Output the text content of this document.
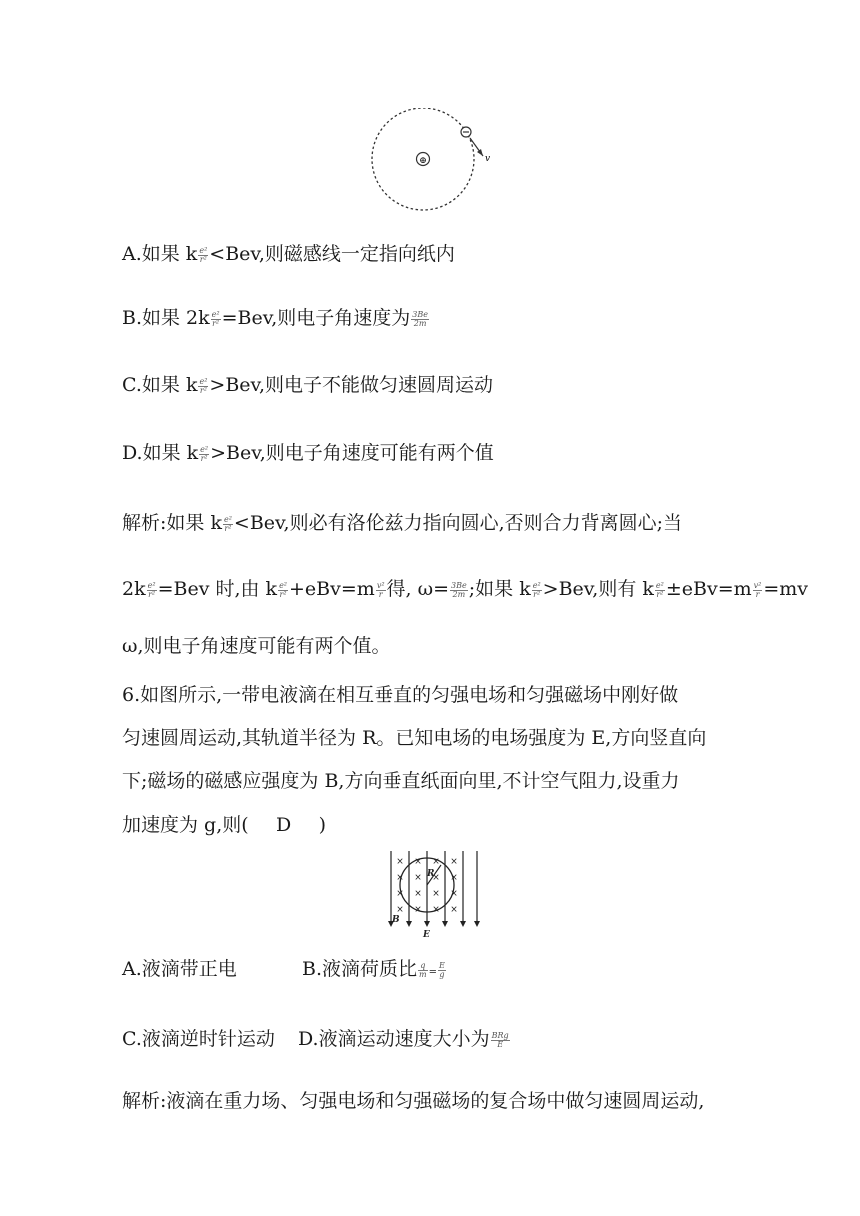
⊕	v
A.如果 k $\frac{\text{e²}}{\text{r²}} <Bev$,则磁感线一定指向纸内
B.如果 $2k \frac{\text{e²}}{\text{r²}} =Bev$,则电子角速度为 $\frac{3Be}{2m}$
C.如果 k $\frac{\text{e²}}{\text{r²}} >Bev$,则电子不能做匀速圆周运动
D.如果 k $\frac{\text{e²}}{\text{r²}} >Bev$,则电子角速度可能有两个值
解析:如果 k $\frac{\text{e²}}{\text{r²}} <Bev$,则必有洛伦兹力指向圆心,否则合力背离圆心;当
$2k \frac{\text{e²}}{\text{r²}} =Bev$ 时,由 k $\frac{\text{e²}}{\text{r²}} +eBv=m \frac{\text{v²}}{r}$ 得, $\omega= \frac{3Be}{2m}$ ;如果 k $\frac{\text{e²}}{\text{r²}} >Bev$,则有 k $\frac{\text{e²}}{\text{r²}} \pm eBv=m \frac{\text{v²}}{r} =mv$
ω,则电子角速度可能有两个值。
6.如图所示,一带电液滴在相互垂直的匀强电场和匀强磁场中刚好做
匀速圆周运动,其轨道半径为 R。已知电场的电场强度为 E,方向竖直向
下;磁场的磁感应强度为 B,方向垂直纸面向里,不计空气阻力,设重力
加速度为 g,则( D )
×
×
×
×
×
×
×
×
×
×
×
×
×
×
×
×
R
B
E
A.液滴带正电	B.液滴荷质比 $\frac{q}{m} = \frac{E}{g}$
C.液滴逆时针运动 D.液滴运动速度大小为 $\frac{\text{BRg}}{E}$
解析:液滴在重力场、匀强电场和匀强磁场的复合场中做匀速圆周运动,
